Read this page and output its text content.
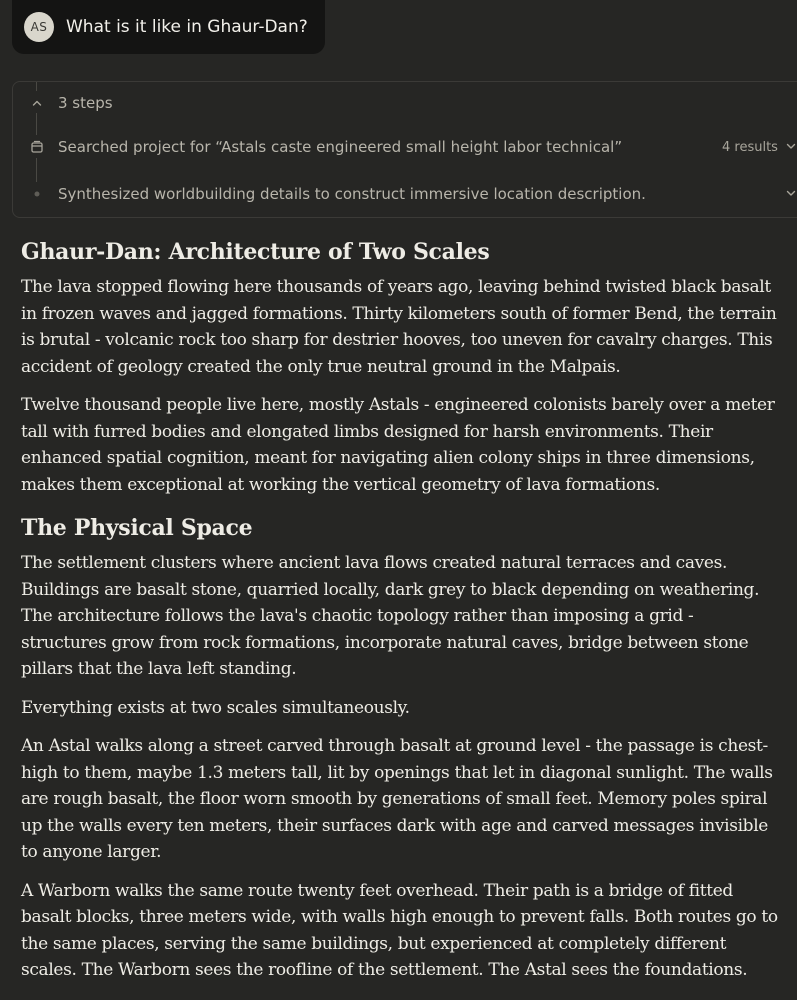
AS	What is it like in Ghaur-Dan?
3 steps
Searched project for “Astals caste engineered small height labor technical”	4 results
Synthesized worldbuilding details to construct immersive location description.
Ghaur-Dan: Architecture of Two Scales

The lava stopped flowing here thousands of years ago, leaving behind twisted black basalt in frozen waves and jagged formations. Thirty kilometers south of former Bend, the terrain is brutal - volcanic rock too sharp for destrier hooves, too uneven for cavalry charges. This accident of geology created the only true neutral ground in the Malpais.

Twelve thousand people live here, mostly Astals - engineered colonists barely over a meter tall with furred bodies and elongated limbs designed for harsh environments. Their enhanced spatial cognition, meant for navigating alien colony ships in three dimensions, makes them exceptional at working the vertical geometry of lava formations.

The Physical Space

The settlement clusters where ancient lava flows created natural terraces and caves. Buildings are basalt stone, quarried locally, dark grey to black depending on weathering. The architecture follows the lava's chaotic topology rather than imposing a grid - structures grow from rock formations, incorporate natural caves, bridge between stone pillars that the lava left standing.

Everything exists at two scales simultaneously.

An Astal walks along a street carved through basalt at ground level - the passage is chest-high to them, maybe 1.3 meters tall, lit by openings that let in diagonal sunlight. The walls are rough basalt, the floor worn smooth by generations of small feet. Memory poles spiral up the walls every ten meters, their surfaces dark with age and carved messages invisible to anyone larger.

A Warborn walks the same route twenty feet overhead. Their path is a bridge of fitted basalt blocks, three meters wide, with walls high enough to prevent falls. Both routes go to the same places, serving the same buildings, but experienced at completely different scales. The Warborn sees the roofline of the settlement. The Astal sees the foundations.
